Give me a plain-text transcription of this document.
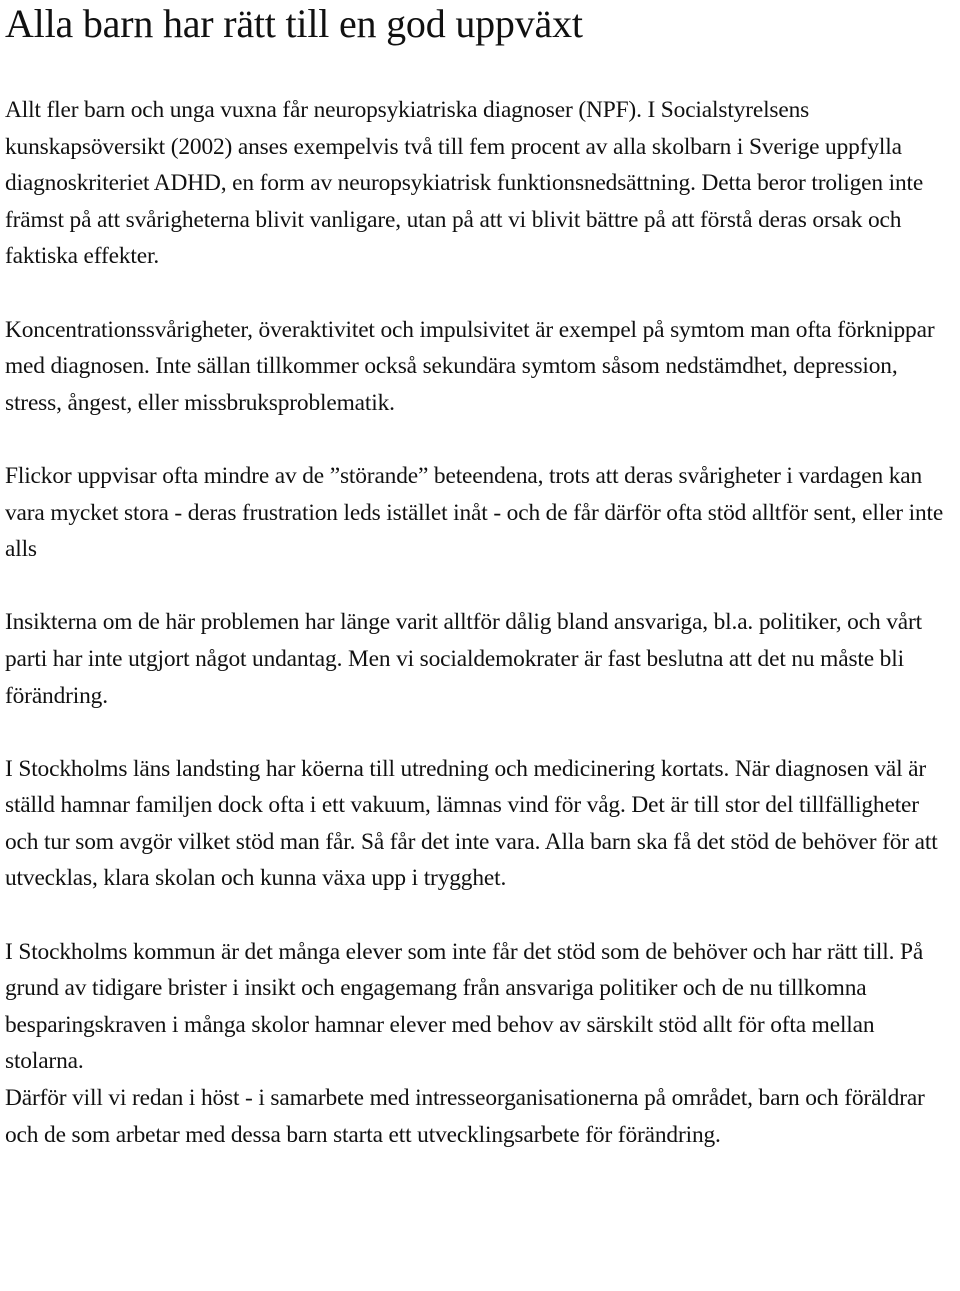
Alla barn har rätt till en god uppväxt

Allt fler barn och unga vuxna får neuropsykiatriska diagnoser (NPF). I Socialstyrelsens kunskapsöversikt (2002) anses exempelvis två till fem procent av alla skolbarn i Sverige uppfylla diagnoskriteriet ADHD, en form av neuropsykiatrisk funktionsnedsättning. Detta beror troligen inte främst på att svårigheterna blivit vanligare, utan på att vi blivit bättre på att förstå deras orsak och faktiska effekter.

Koncentrationssvårigheter, överaktivitet och impulsivitet är exempel på symtom man ofta förknippar med diagnosen. Inte sällan tillkommer också sekundära symtom såsom nedstämdhet, depression, stress, ångest, eller missbruksproblematik.

Flickor uppvisar ofta mindre av de ”störande” beteendena, trots att deras svårigheter i vardagen kan vara mycket stora - deras frustration leds istället inåt - och de får därför ofta stöd alltför sent, eller inte alls

Insikterna om de här problemen har länge varit alltför dålig bland ansvariga, bl.a. politiker, och vårt parti har inte utgjort något undantag. Men vi socialdemokrater är fast beslutna att det nu måste bli förändring.

I Stockholms läns landsting har köerna till utredning och medicinering kortats. När diagnosen väl är ställd hamnar familjen dock ofta i ett vakuum, lämnas vind för våg. Det är till stor del tillfälligheter och tur som avgör vilket stöd man får. Så får det inte vara. Alla barn ska få det stöd de behöver för att utvecklas, klara skolan och kunna växa upp i trygghet.

I Stockholms kommun är det många elever som inte får det stöd som de behöver och har rätt till. På grund av tidigare brister i insikt och engagemang från ansvariga politiker och de nu tillkomna besparingskraven i många skolor hamnar elever med behov av särskilt stöd allt för ofta mellan stolarna.

Därför vill vi redan i höst - i samarbete med intresseorganisationerna på området, barn och föräldrar och de som arbetar med dessa barn starta ett utvecklingsarbete för förändring.
